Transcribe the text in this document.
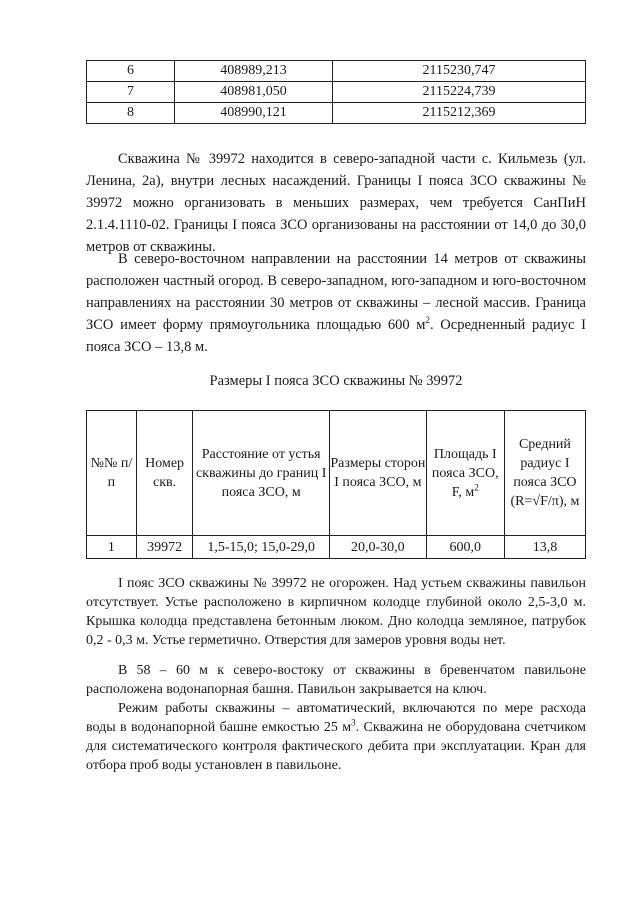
6	408989,213	2115230,747
7	408981,050	2115224,739
8	408990,121	2115212,369

Скважина № 39972 находится в северо-западной части с. Кильмезь (ул. Ленина, 2а), внутри лесных насаждений. Границы I пояса ЗСО скважины № 39972 можно организовать в меньших размерах, чем требуется СанПиН 2.1.4.1110-02. Границы I пояса ЗСО организованы на расстоянии от 14,0 до 30,0 метров от скважины.

В северо-восточном направлении на расстоянии 14 метров от скважины расположен частный огород. В северо-западном, юго-западном и юго-восточном направлениях на расстоянии 30 метров от скважины – лесной массив. Граница ЗСО имеет форму прямоугольника площадью 600 $м^2$. Осредненный радиус I пояса ЗСО – 13,8 м.

Размеры I пояса ЗСО скважины № 39972

№№ п/п	Номер скв.	Расстояние от устья скважины до границ I пояса ЗСО, м	Размеры сторон I пояса ЗСО, м	Площадь I пояса ЗСО, F, $м^2$	Средний радиус I пояса ЗСО (R=√F/π), м
1	39972	1,5-15,0; 15,0-29,0	20,0-30,0	600,0	13,8

I пояс ЗСО скважины № 39972 не огорожен. Над устьем скважины павильон отсутствует. Устье расположено в кирпичном колодце глубиной около 2,5-3,0 м. Крышка колодца представлена бетонным люком. Дно колодца земляное, патрубок 0,2 - 0,3 м. Устье герметично. Отверстия для замеров уровня воды нет.

В 58 – 60 м к северо-востоку от скважины в бревенчатом павильоне расположена водонапорная башня. Павильон закрывается на ключ.

Режим работы скважины – автоматический, включаются по мере расхода воды в водонапорной башне емкостью 25 $м^3$. Скважина не оборудована счетчиком для систематического контроля фактического дебита при эксплуатации. Кран для отбора проб воды установлен в павильоне.
